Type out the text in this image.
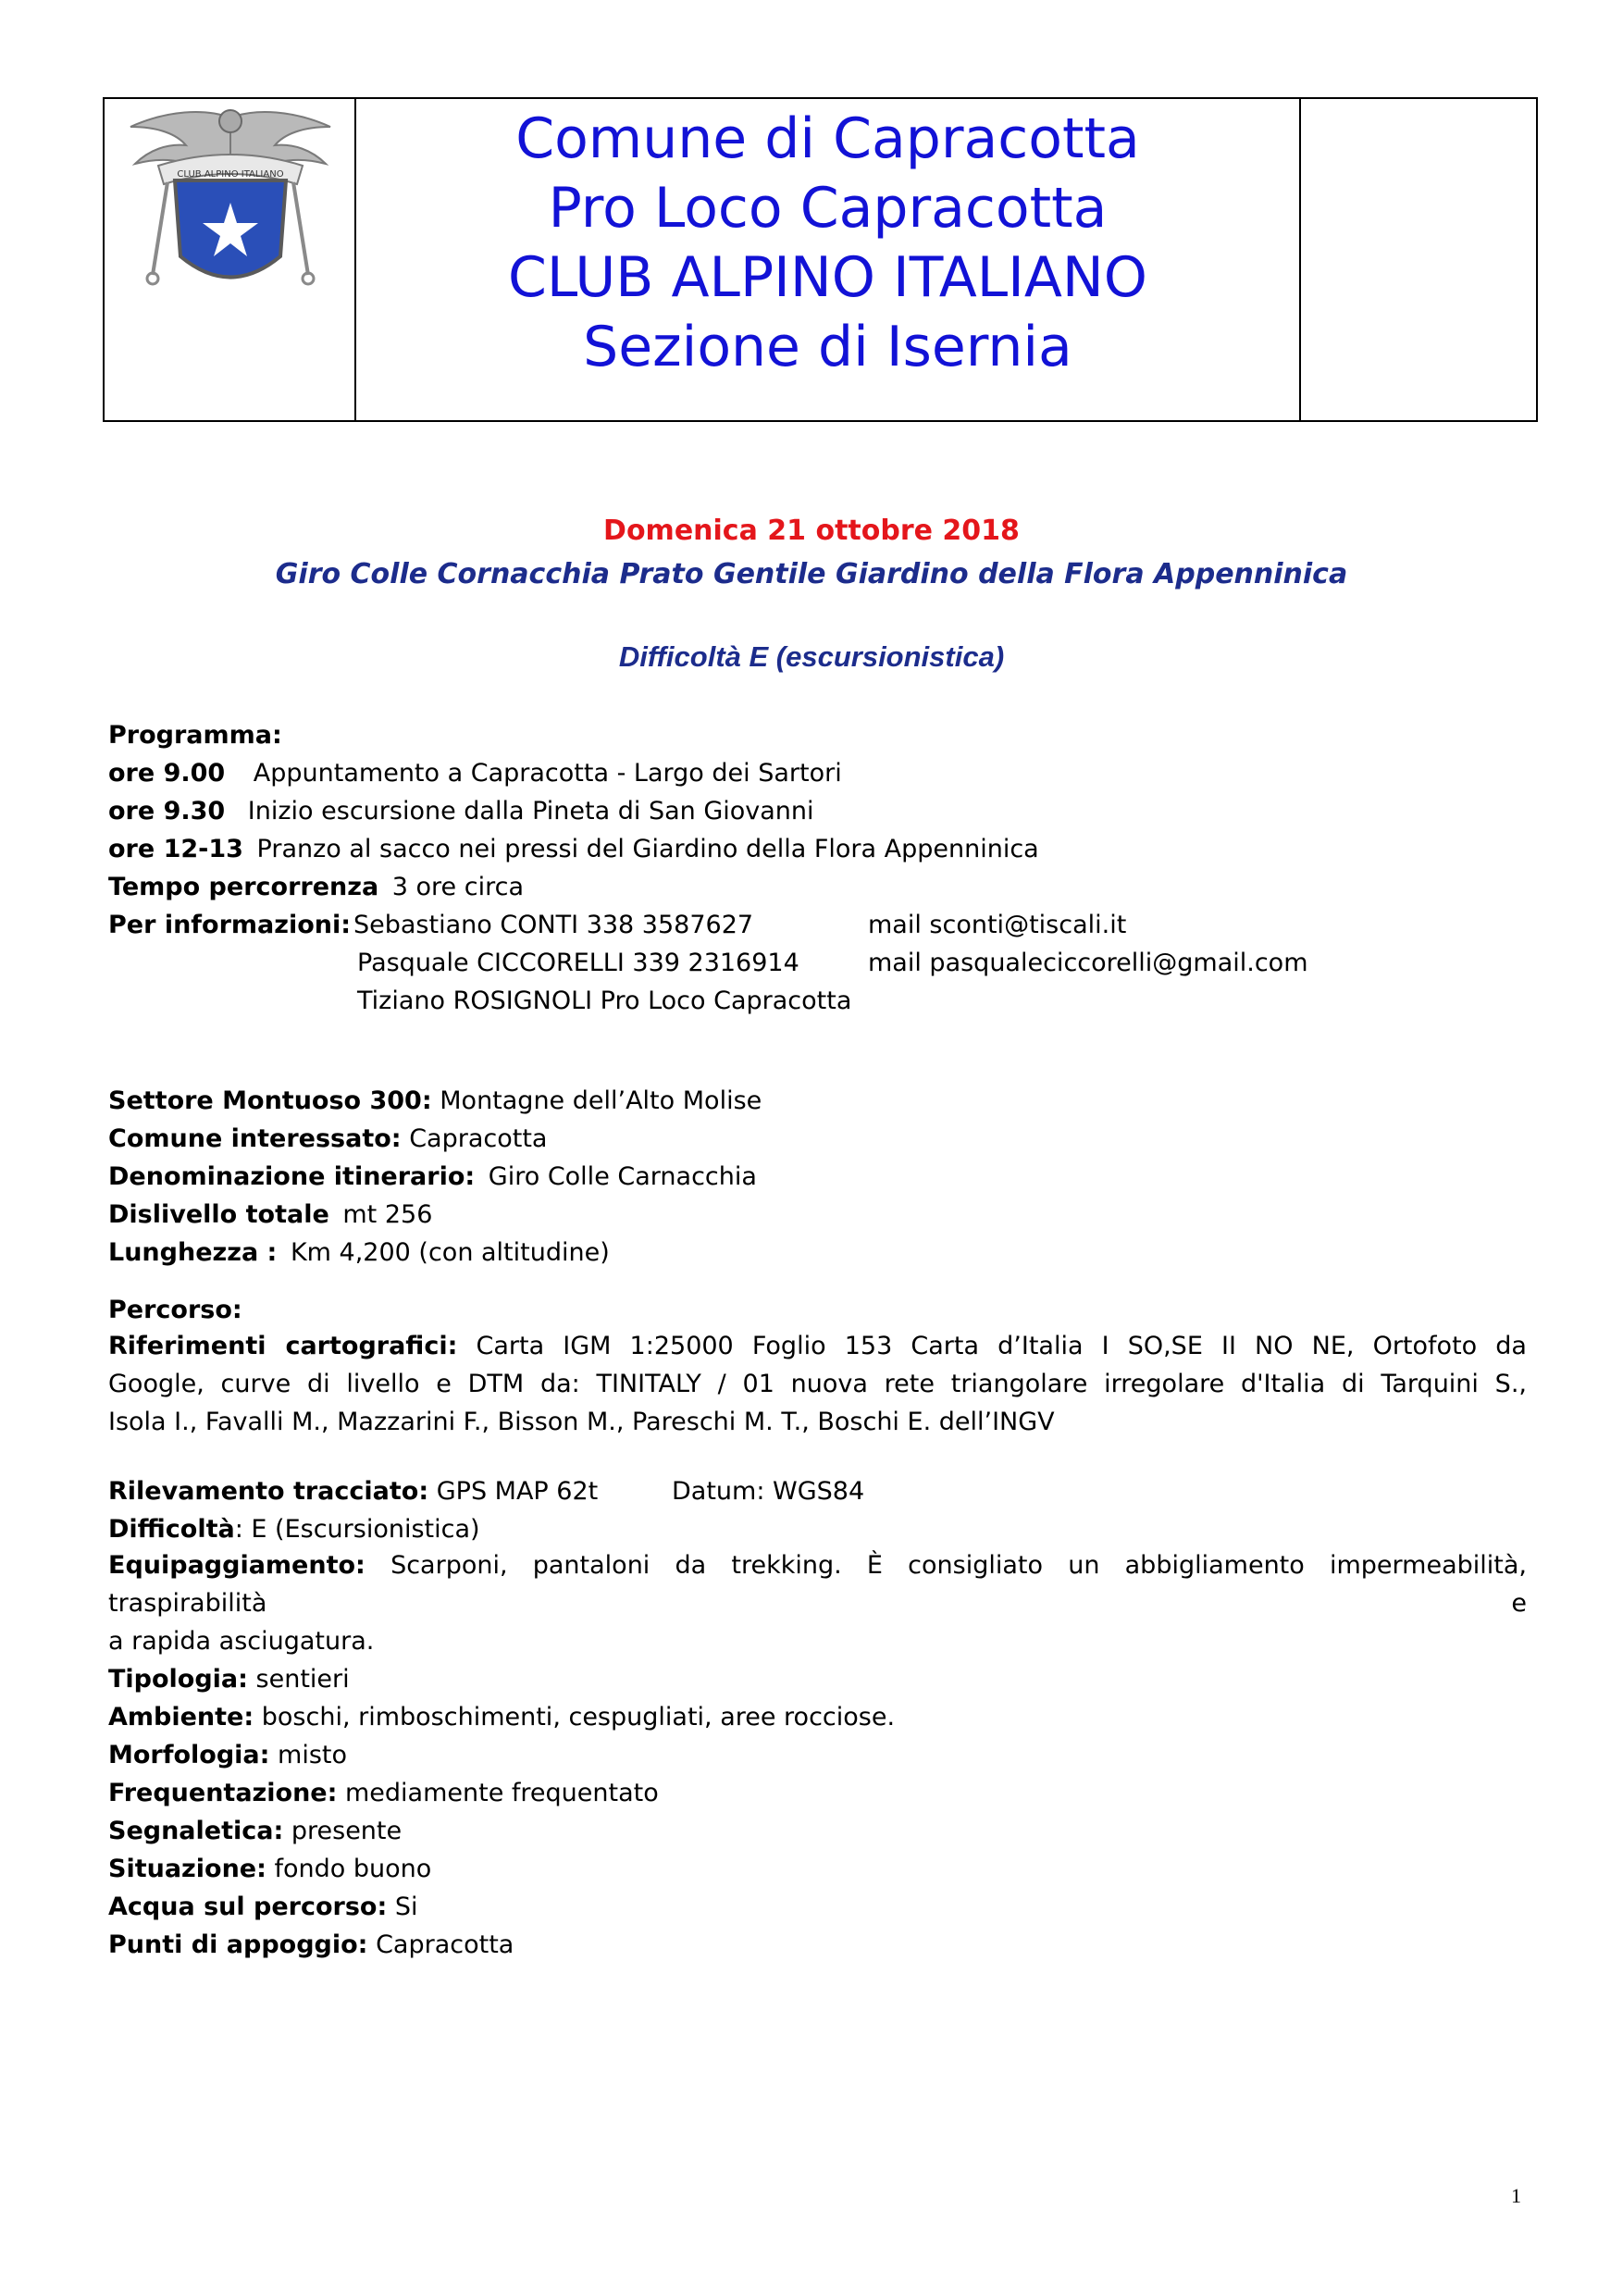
CLUB ALPINO ITALIANO
Comune di Capracotta
Pro Loco Capracotta
CLUB ALPINO ITALIANO
Sezione di Isernia
Domenica 21 ottobre 2018
Giro Colle Cornacchia Prato Gentile Giardino della Flora Appenninica
Difficoltà E (escursionistica)
Programma:
ore 9.00 Appuntamento a Capracotta - Largo dei Sartori
ore 9.30 Inizio escursione dalla Pineta di San Giovanni
ore 12-13 Pranzo al sacco nei pressi del Giardino della Flora Appenninica
Tempo percorrenza 3 ore circa
Per informazioni: Sebastiano CONTI 338 3587627	mail sconti@tiscali.it
Pasquale CICCORELLI 339 2316914	mail pasqualeciccorelli@gmail.com
Tiziano ROSIGNOLI Pro Loco Capracotta
Settore Montuoso 300: Montagne dell’Alto Molise
Comune interessato: Capracotta
Denominazione itinerario: Giro Colle Carnacchia
Dislivello totale mt 256
Lunghezza : Km 4,200 (con altitudine)
Percorso:
Riferimenti cartografici: Carta IGM 1:25000 Foglio 153 Carta d’Italia I SO,SE II NO NE, Ortofoto da
Google, curve di livello e DTM da: TINITALY / 01 nuova rete triangolare irregolare d'Italia di Tarquini S.,
Isola I., Favalli M., Mazzarini F., Bisson M., Pareschi M. T., Boschi E. dell’INGV
Rilevamento tracciato: GPS MAP 62t	Datum: WGS84
Difficoltà: E (Escursionistica)
Equipaggiamento: Scarponi, pantaloni da trekking. È consigliato un abbigliamento impermeabilità, traspirabilità e
a rapida asciugatura.
Tipologia: sentieri
Ambiente: boschi, rimboschimenti, cespugliati, aree rocciose.
Morfologia: misto
Frequentazione: mediamente frequentato
Segnaletica: presente
Situazione: fondo buono
Acqua sul percorso: Si
Punti di appoggio: Capracotta
1
